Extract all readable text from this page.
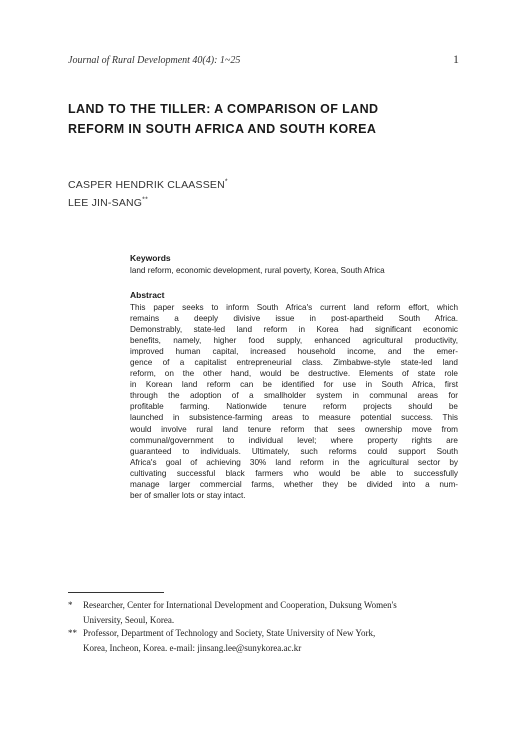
Journal of Rural Development 40(4): 1~25	1
LAND TO THE TILLER: A COMPARISON OF LAND
REFORM IN SOUTH AFRICA AND SOUTH KOREA
CASPER HENDRIK CLAASSEN*
LEE JIN-SANG**
Keywords
land reform, economic development, rural poverty, Korea, South Africa
Abstract
This paper seeks to inform South Africa's current land reform effort, which
remains a deeply divisive issue in post-apartheid South Africa.
Demonstrably, state-led land reform in Korea had significant economic
benefits, namely, higher food supply, enhanced agricultural productivity,
improved human capital, increased household income, and the emer-
gence of a capitalist entrepreneurial class. Zimbabwe-style state-led land
reform, on the other hand, would be destructive. Elements of state role
in Korean land reform can be identified for use in South Africa, first
through the adoption of a smallholder system in communal areas for
profitable farming. Nationwide tenure reform projects should be
launched in subsistence-farming areas to measure potential success. This
would involve rural land tenure reform that sees ownership move from
communal/government to individual level; where property rights are
guaranteed to individuals. Ultimately, such reforms could support South
Africa's goal of achieving 30% land reform in the agricultural sector by
cultivating successful black farmers who would be able to successfully
manage larger commercial farms, whether they be divided into a num-
ber of smaller lots or stay intact.
* Researcher, Center for International Development and Cooperation, Duksung Women's
University, Seoul, Korea.
** Professor, Department of Technology and Society, State University of New York,
Korea, Incheon, Korea. e-mail: jinsang.lee@sunykorea.ac.kr
